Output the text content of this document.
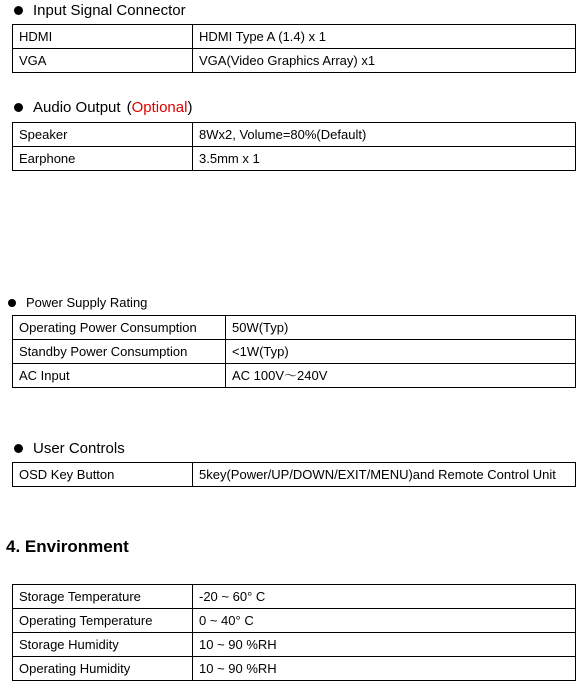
Input Signal Connector
HDMI	HDMI Type A (1.4) x 1
VGA	VGA(Video Graphics Array) x1
Audio Output ( Optional )
Speaker	8Wx2, Volume=80%(Default)
Earphone	3.5mm x 1
Power Supply Rating
Operating Power Consumption	50W(Typ)
Standby Power Consumption	<1W(Typ)
AC Input	AC 100V～240V
User Controls
OSD Key Button	5key(Power/UP/DOWN/EXIT/MENU)and Remote Control Unit
4. Environment
Storage Temperature	-20 ~ 60° C
Operating Temperature	0 ~ 40° C
Storage Humidity	10 ~ 90 %RH
Operating Humidity	10 ~ 90 %RH
